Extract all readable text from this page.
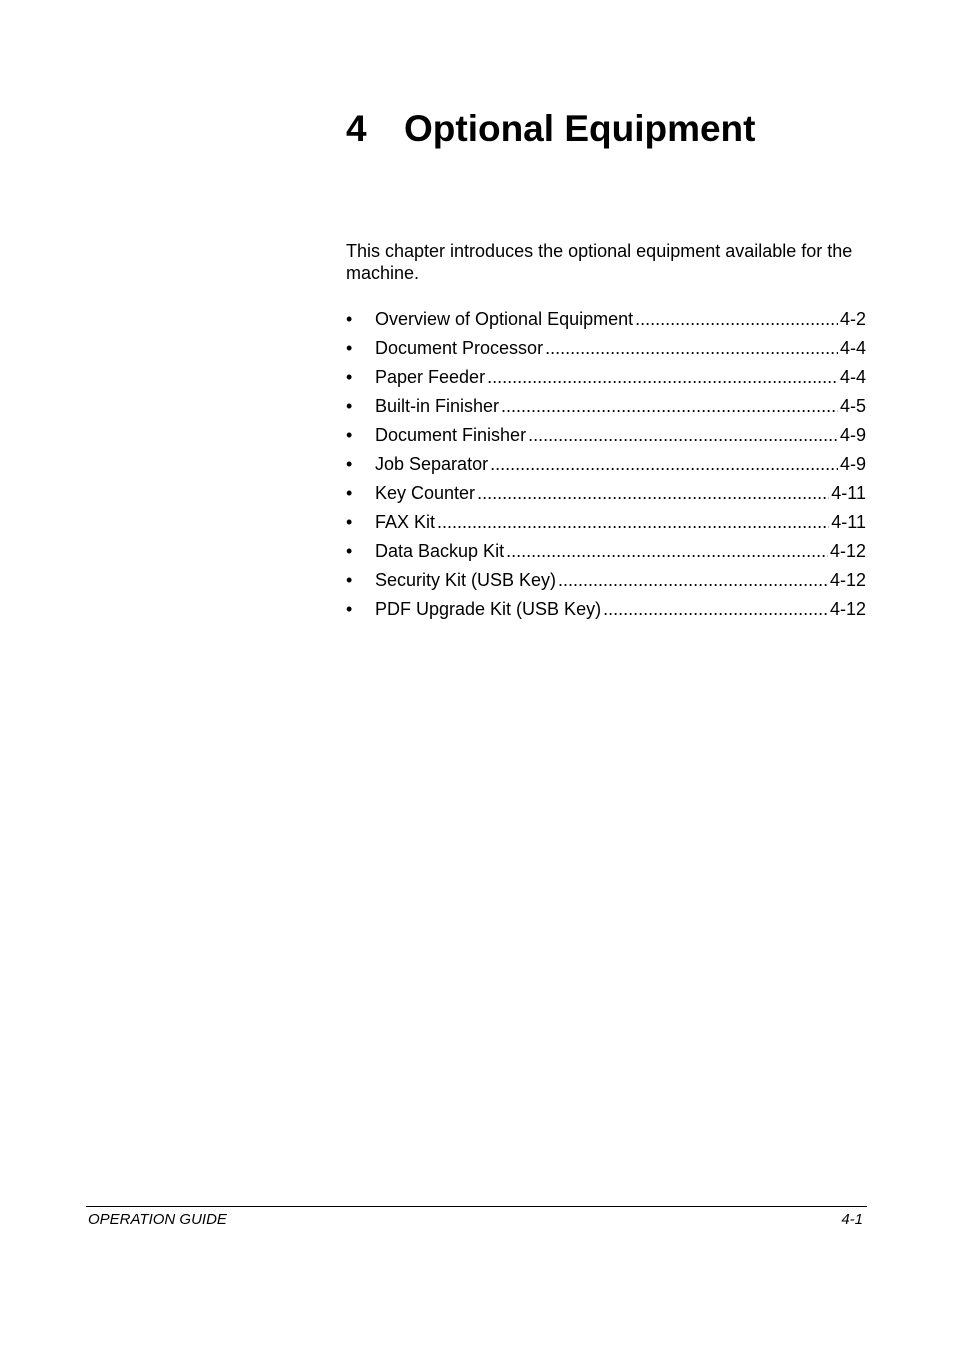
4 Optional Equipment

This chapter introduces the optional equipment available for the machine.

•	Overview of Optional Equipment .....	4-2
•	Document Processor .....	4-4
•	Paper Feeder .....	4-4
•	Built-in Finisher .....	4-5
•	Document Finisher .....	4-9
•	Job Separator .....	4-9
•	Key Counter .....	4-11
•	FAX Kit .....	4-11
•	Data Backup Kit .....	4-12
•	Security Kit (USB Key) .....	4-12
•	PDF Upgrade Kit (USB Key) .....	4-12
OPERATION GUIDE	4-1
